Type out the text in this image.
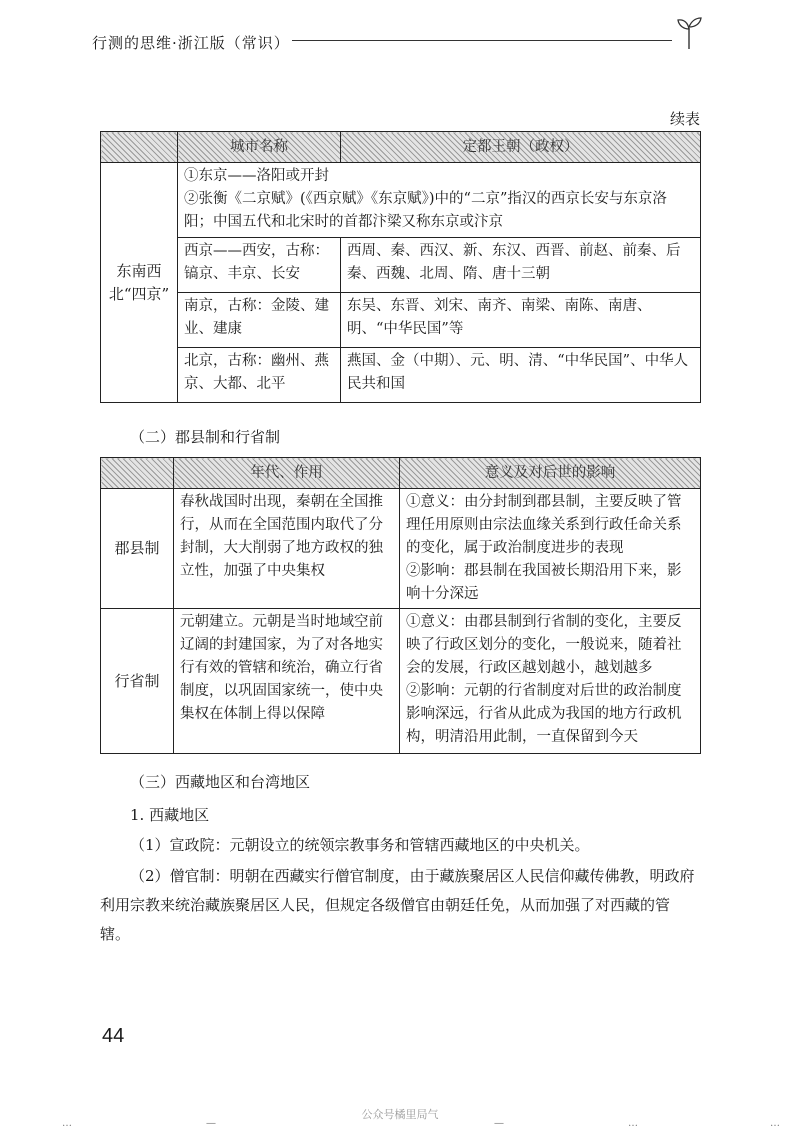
行测的思维·浙江版（常识）
续表
	城市名称	定都王朝（政权）
东南西北“四京”	①东京——洛阳或开封
②张衡《二京赋》(《西京赋》《东京赋》)中的“二京”指汉的西京长安与东京洛阳；中国五代和北宋时的首都汴梁又称东京或汴京	

	西京——西安，古称：镐京、丰京、长安	西周、秦、西汉、新、东汉、西晋、前赵、前秦、后秦、西魏、北周、隋、唐十三朝
	南京，古称：金陵、建业、建康	东吴、东晋、刘宋、南齐、南梁、南陈、南唐、明、“中华民国”等
	北京，古称：幽州、燕京、大都、北平	燕国、金（中期）、元、明、清、“中华民国”、中华人民共和国
（二）郡县制和行省制
	年代、作用	意义及对后世的影响
郡县制	春秋战国时出现，秦朝在全国推行，从而在全国范围内取代了分封制，大大削弱了地方政权的独立性，加强了中央集权	①意义：由分封制到郡县制，主要反映了管理任用原则由宗法血缘关系到行政任命关系的变化，属于政治制度进步的表现
②影响：郡县制在我国被长期沿用下来，影响十分深远

行省制	元朝建立。元朝是当时地域空前辽阔的封建国家，为了对各地实行有效的管辖和统治，确立行省制度，以巩固国家统一，使中央集权在体制上得以保障	①意义：由郡县制到行省制的变化，主要反映了行政区划分的变化，一般说来，随着社会的发展，行政区越划越小，越划越多
②影响：元朝的行省制度对后世的政治制度影响深远，行省从此成为我国的地方行政机构，明清沿用此制，一直保留到今天
（三）西藏地区和台湾地区
1. 西藏地区
（1）宣政院：元朝设立的统领宗教事务和管辖西藏地区的中央机关。
（2）僧官制：明朝在西藏实行僧官制度，由于藏族聚居区人民信仰藏传佛教，明政府利用宗教来统治藏族聚居区人民，但规定各级僧官由朝廷任免，从而加强了对西藏的管辖。
44
公众号橘里局气
…	—	—	…	…
